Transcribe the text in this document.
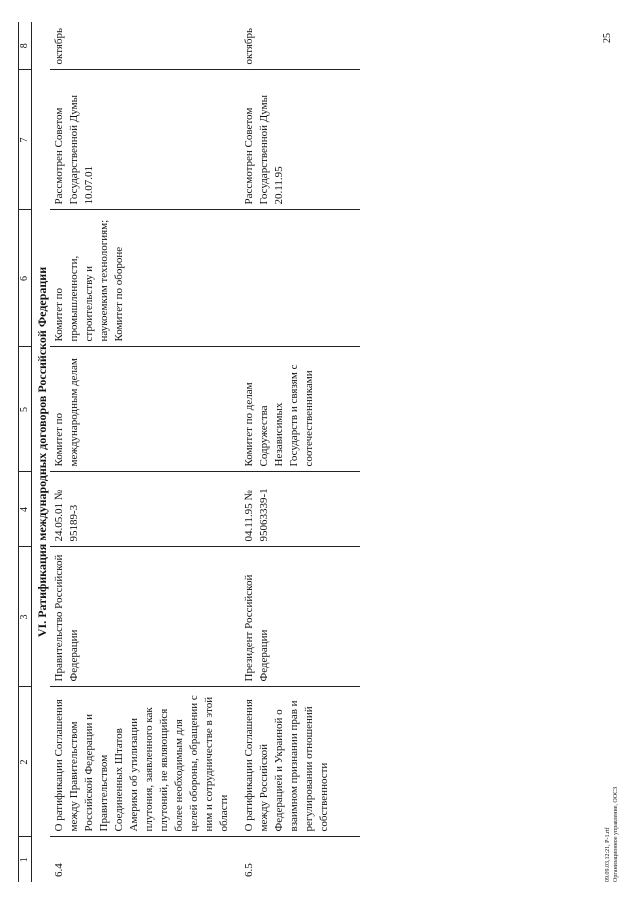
1	2	3	4	5	6	7	8
VI. Ратификация международных договоров Российской Федерации							
6.4	О ратификации Соглашения между Правительством Российской Федерации и Правительством Соединенных Штатов Америки об утилизации плутония, заявленного как плутоний, не являющийся более необходимым для целей обороны, обращении с ним и сотрудничестве в этой области	Правительство Российской Федерации	24.05.01 № 95189-3	Комитет по международным делам	Комитет по промышленности, строительству и наукоемким технологиям; Комитет по обороне	Рассмотрен Советом Государственной Думы 10.07.01	октябрь
6.5	О ратификации Соглашения между Российской Федерацией и Украиной о взаимном признании прав и регулировании отношений собственности	Президент Российской Федерации	04.11.95 № 95063339-1	Комитет по делам Содружества Независимых Государств и связям с соотечественниками		Рассмотрен Советом Государственной Думы 20.11.95	октябрь	25
09.09.03,12:21, P-1.rtf Организационное управление, ООСЗ
